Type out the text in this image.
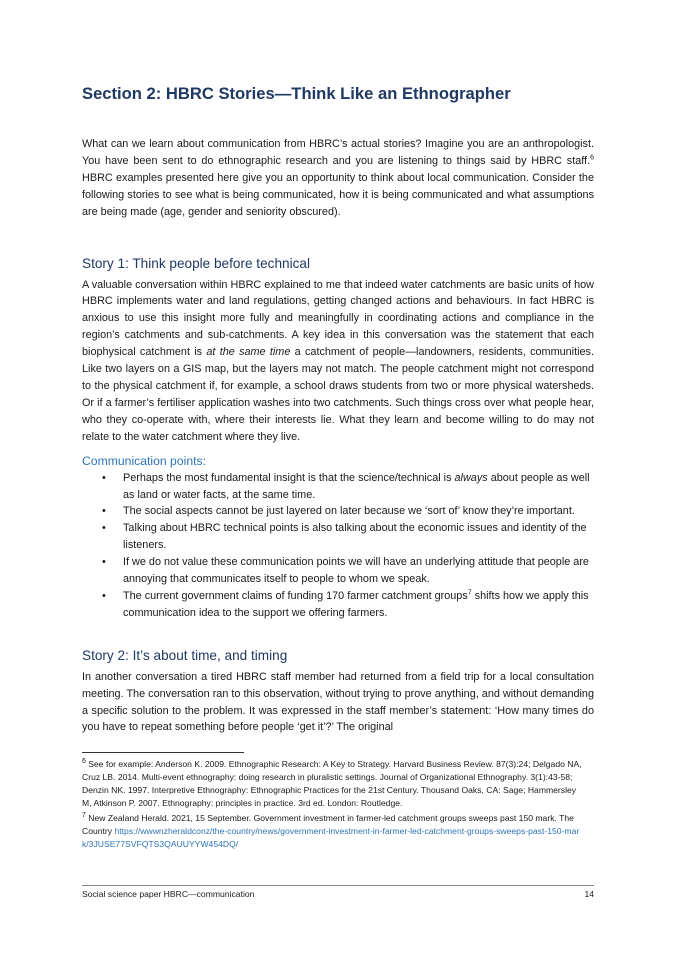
Section 2: HBRC Stories—Think Like an Ethnographer

What can we learn about communication from HBRC’s actual stories? Imagine you are an anthropologist. You have been sent to do ethnographic research and you are listening to things said by HBRC staff.$^6$ HBRC examples presented here give you an opportunity to think about local communication. Consider the following stories to see what is being communicated, how it is being communicated and what assumptions are being made (age, gender and seniority obscured).

Story 1: Think people before technical

A valuable conversation within HBRC explained to me that indeed water catchments are basic units of how HBRC implements water and land regulations, getting changed actions and behaviours. In fact HBRC is anxious to use this insight more fully and meaningfully in coordinating actions and compliance in the region’s catchments and sub-catchments. A key idea in this conversation was the statement that each biophysical catchment is at the same time a catchment of people—landowners, residents, communities. Like two layers on a GIS map, but the layers may not match. The people catchment might not correspond to the physical catchment if, for example, a school draws students from two or more physical watersheds. Or if a farmer’s fertiliser application washes into two catchments. Such things cross over what people hear, who they co-operate with, where their interests lie. What they learn and become willing to do may not relate to the water catchment where they live.

Communication points:
• Perhaps the most fundamental insight is that the science/technical is always about people as well as land or water facts, at the same time.
• The social aspects cannot be just layered on later because we ‘sort of’ know they’re important.
• Talking about HBRC technical points is also talking about the economic issues and identity of the listeners.
• If we do not value these communication points we will have an underlying attitude that people are annoying that communicates itself to people to whom we speak.
• The current government claims of funding 170 farmer catchment groups$^7$ shifts how we apply this communication idea to the support we offering farmers.
Story 2: It’s about time, and timing

In another conversation a tired HBRC staff member had returned from a field trip for a local consultation meeting. The conversation ran to this observation, without trying to prove anything, and without demanding a specific solution to the problem. It was expressed in the staff member’s statement: ‘How many times do you have to repeat something before people ‘get it’?’ The original

$^6$ See for example: Anderson K. 2009. Ethnographic Research: A Key to Strategy. Harvard Business Review. 87(3):24; Delgado NA, Cruz LB. 2014. Multi-event ethnography: doing research in pluralistic settings. Journal of Organizational Ethnography. 3(1):43-58; Denzin NK. 1997. Interpretive Ethnography: Ethnographic Practices for the 21st Century. Thousand Oaks, CA: Sage; Hammersley M, Atkinson P. 2007. Ethnography: principles in practice. 3rd ed. London: Routledge.

$^7$ New Zealand Herald. 2021, 15 September. Government investment in farmer-led catchment groups sweeps past 150 mark. The Country https://wwwnzheraldconz/the-country/news/government-investment-in-farmer-led-catchment-groups-sweeps-past-150-mark/3JUSE77SVFQTS3QAUUYYW454DQ/

Social science paper HBRC—communication	14
